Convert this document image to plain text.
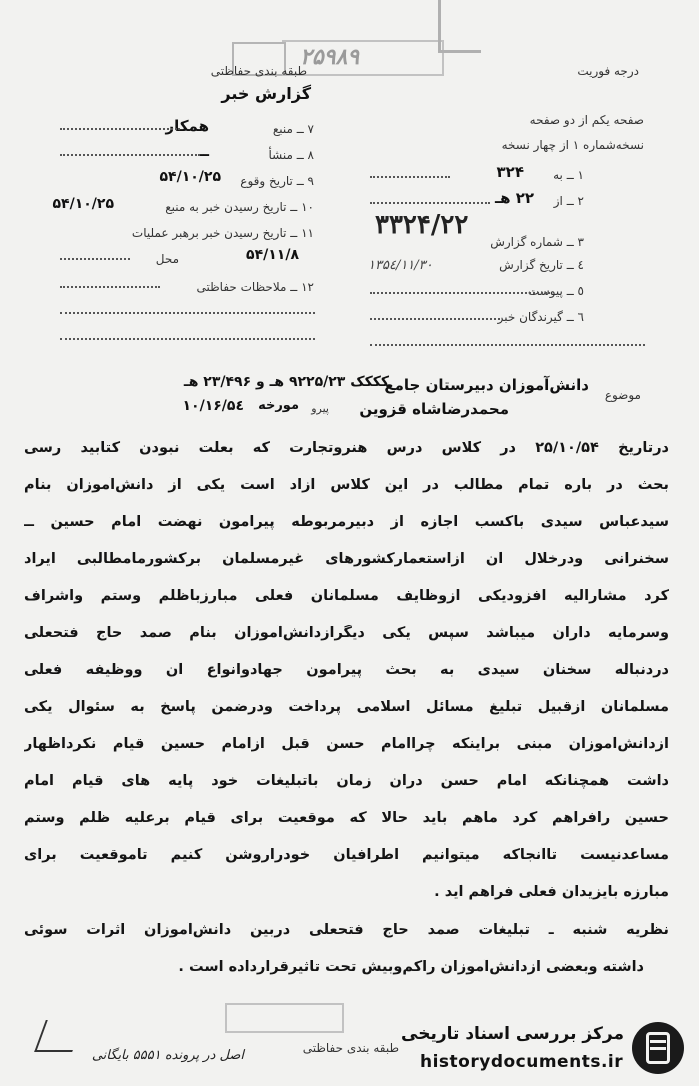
۲۵۹۸۹
طبقه بندی حفاظتی
گزارش خبر
درجه فوریت
۷ ــ منبع
همکار
۸ ــ منشأ
ــ
۹ ــ تاریخ وقوع
۵۴/۱۰/۲۵
۱۰ ــ تاریخ رسیدن خبر به منبع
۵۴/۱۰/۲۵
۱۱ ــ تاریخ رسیدن خبر برهبر عملیات
محل	۵۴/۱۱/۸
۱۲ ــ ملاحظات حفاظتی
صفحه یکم از دو صفحه
نسخه‌شماره ۱ از چهار نسخه
۱ ــ به
۳۲۴
۲ ــ از
۲۲ هـ
۳ ــ شماره گزارش
۳۳۲۴/۲۲
٤ ــ تاریخ گزارش
۱۳۵٤/۱۱/۳۰
٥ ــ پیوست
٦ ــ گیرندگان خبر
موضوع
دانش‌آموزان دبیرستان جامع
محمدرضاشاه قزوین
کککک ۹۲۲۵/۲۳ هـ و ۲۳/۴۹۶ هـ
پیرو
مورخه
۵٤/۱۰/۱۶
درتاریخ ۲۵/۱۰/۵۴ در کلاس درس هنروتجارت که بعلت نبودن کتابید رسی
بحث در باره تمام مطالب در این کلاس آزاد است یکی از دانش‌آموزان بنام
سیدعباس سیدی باکسب اجازه از دبیرمربوطه پیرامون نهضت امام حسین ــ
سخنرانی ودرخلال آن ازاستعمارکشورهای غیرمسلمان برکشورمامطالبی ایراد
کرد مشارالیه افزودیکی ازوظایف مسلمانان فعلی مبارزباظلم وستم واشراف
وسرمایه داران میباشد سپس یکی دیگرازدانش‌آموزان بنام صمد حاج فتحعلی
دردنباله سخنان سیدی به بحث پیرامون جهادوانواع آن ووظیفه فعلی
مسلمانان ازقبیل تبلیغ مسائل اسلامی پرداخت ودرضمن پاسخ به سئوال یکی
ازدانش‌آموزان مبنی براینکه چراامام حسن قبل ازامام حسین قیام نکرداظهار
داشت همچنانکه امام حسن درآن زمان باتبلیغات خود پایه های قیام امام
حسین رافراهم کرد ماهم باید حالا که موقعیت برای قیام برعلیه ظلم وستم
مساعدنیست تاآنجاکه میتوانیم اطرافیان خودراروشن کنیم تاموقعیت برای
مبارزه بایزیدان فعلی فراهم آید .
نظریه شنبه ـ تبلیغات صمد حاج فتحعلی دربین دانش‌آموزان اثرات سوئی
داشته وبعضی ازدانش‌آموزان راکم‌وبیش تحت تاثیرقرارداده است .
طبقه بندی حفاظتی
اصل در پرونده ۵۵۵۱ بایگانی
مرکز بررسی اسناد تاریخی
historydocuments.ir
